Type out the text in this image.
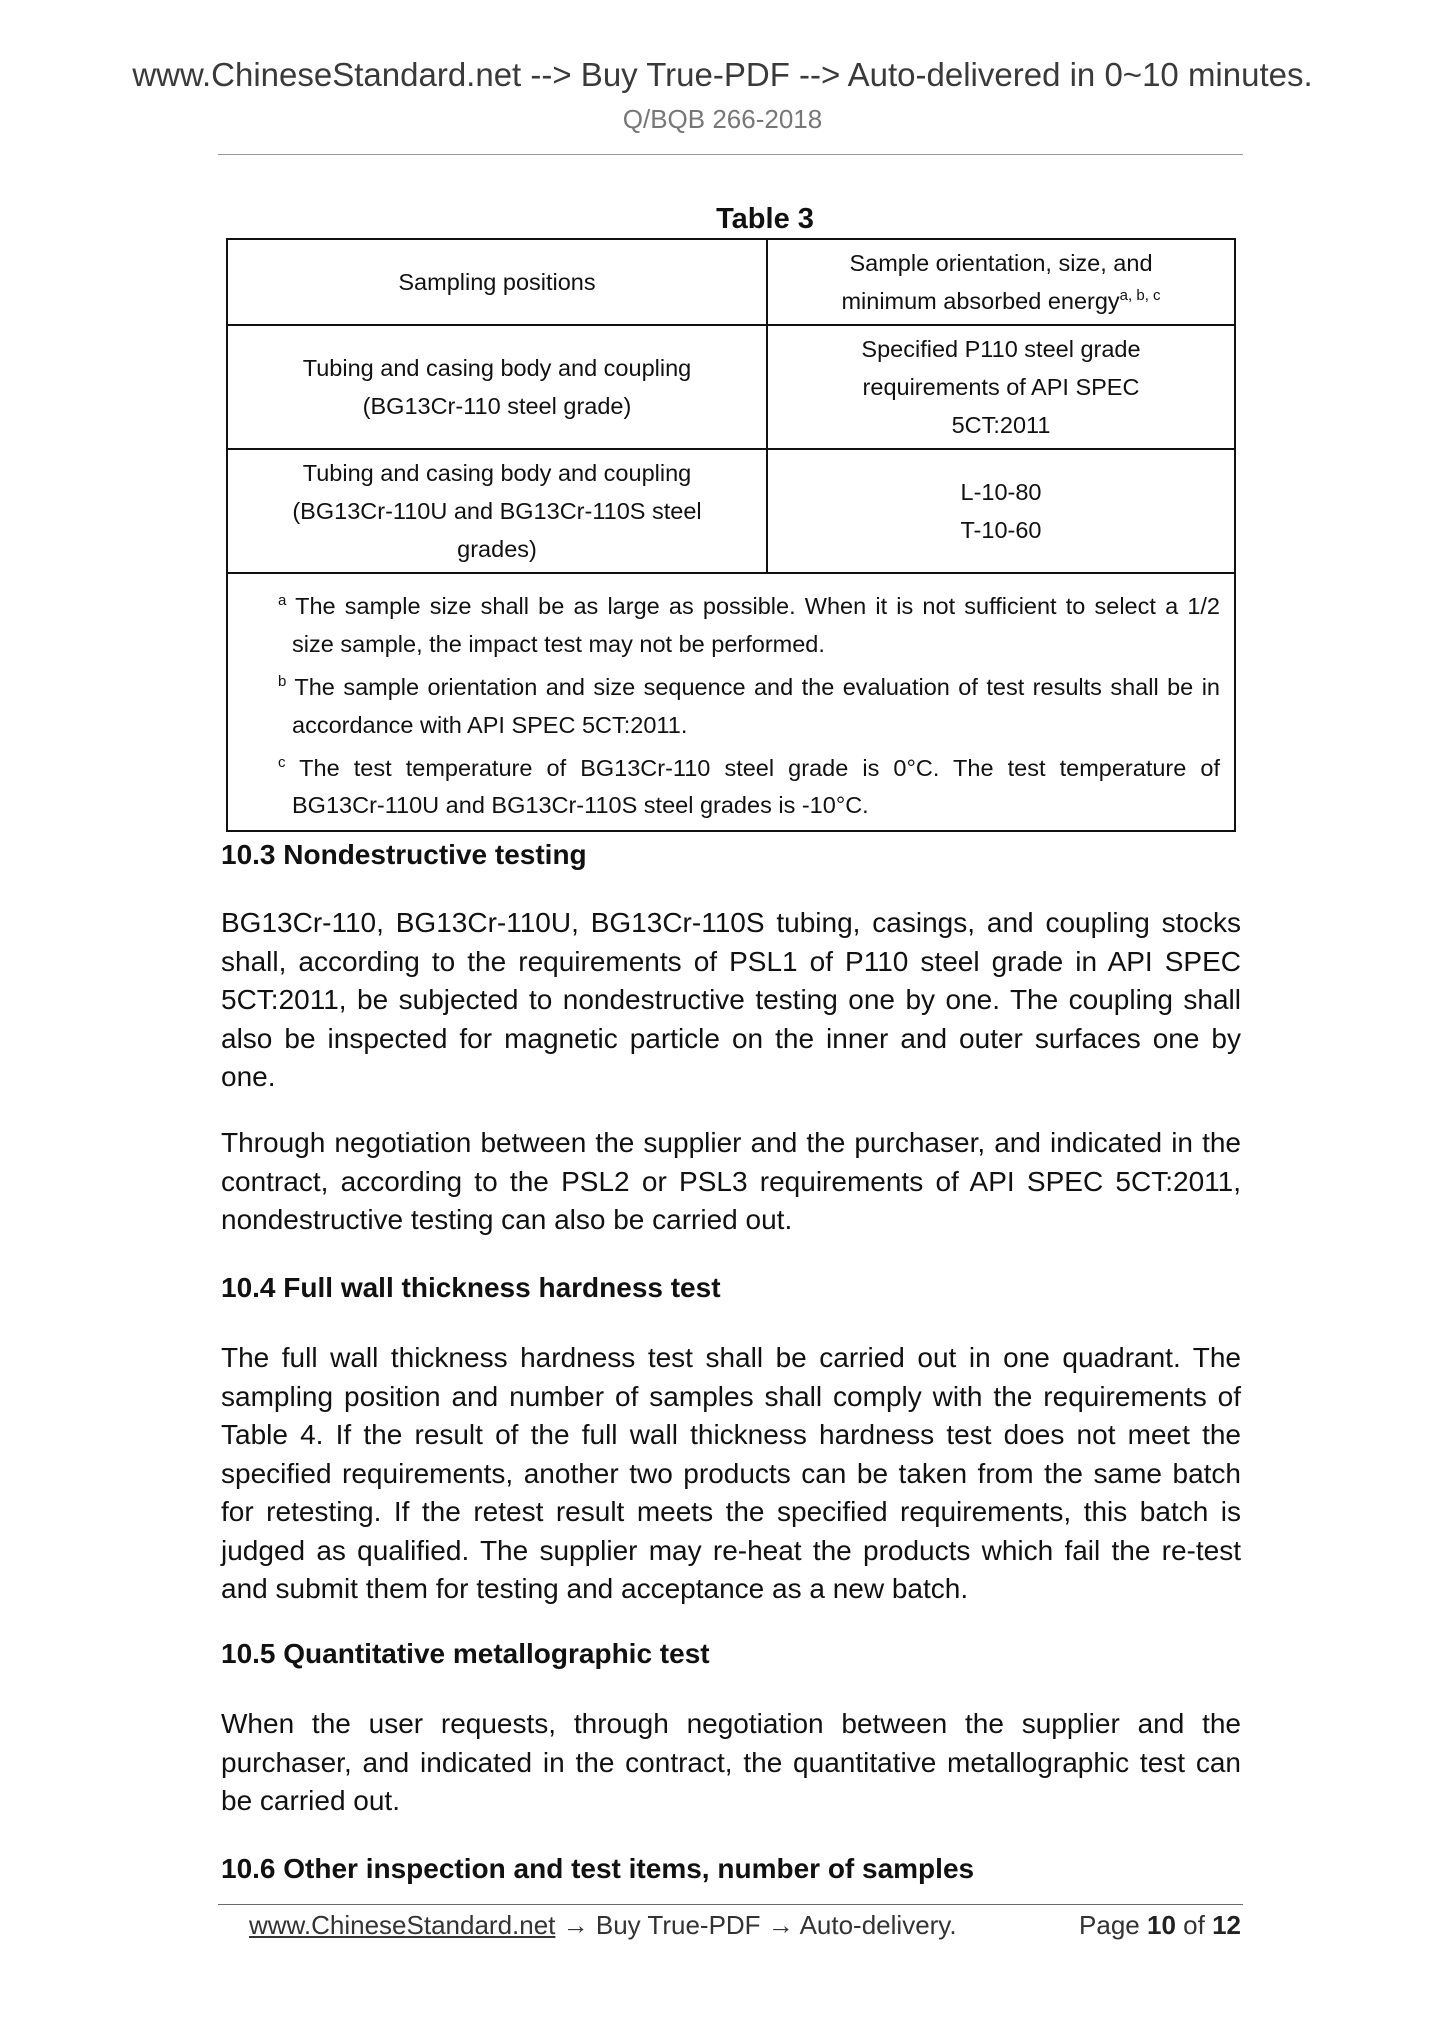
www.ChineseStandard.net --> Buy True-PDF --> Auto-delivered in 0~10 minutes.
Q/BQB 266-2018
Table 3
Sampling positions	Sample orientation, size, and
minimum absorbed energy$^{a, b, c}$

Tubing and casing body and coupling
(BG13Cr-110 steel grade)	Specified P110 steel grade
requirements of API SPEC
5CT:2011

Tubing and casing body and coupling
(BG13Cr-110U and BG13Cr-110S steel
grades)	L-10-80
T-10-60

$^a$ The sample size shall be as large as possible. When it is not sufficient to select a 1/2 size sample, the impact test may not be performed.
$^b$ The sample orientation and size sequence and the evaluation of test results shall be in accordance with API SPEC 5CT:2011.
$^c$ The test temperature of BG13Cr-110 steel grade is 0°C. The test temperature of BG13Cr-110U and BG13Cr-110S steel grades is -10°C.	
10.3 Nondestructive testing
BG13Cr-110, BG13Cr-110U, BG13Cr-110S tubing, casings, and coupling stocks shall, according to the requirements of PSL1 of P110 steel grade in API SPEC 5CT:2011, be subjected to nondestructive testing one by one. The coupling shall also be inspected for magnetic particle on the inner and outer surfaces one by one.
Through negotiation between the supplier and the purchaser, and indicated in the contract, according to the PSL2 or PSL3 requirements of API SPEC 5CT:2011, nondestructive testing can also be carried out.
10.4 Full wall thickness hardness test
The full wall thickness hardness test shall be carried out in one quadrant. The sampling position and number of samples shall comply with the requirements of Table 4. If the result of the full wall thickness hardness test does not meet the specified requirements, another two products can be taken from the same batch for retesting. If the retest result meets the specified requirements, this batch is judged as qualified. The supplier may re-heat the products which fail the re-test and submit them for testing and acceptance as a new batch.
10.5 Quantitative metallographic test
When the user requests, through negotiation between the supplier and the purchaser, and indicated in the contract, the quantitative metallographic test can be carried out.
10.6 Other inspection and test items, number of samples
www.ChineseStandard.net → Buy True-PDF → Auto-delivery.	Page 10 of 12
